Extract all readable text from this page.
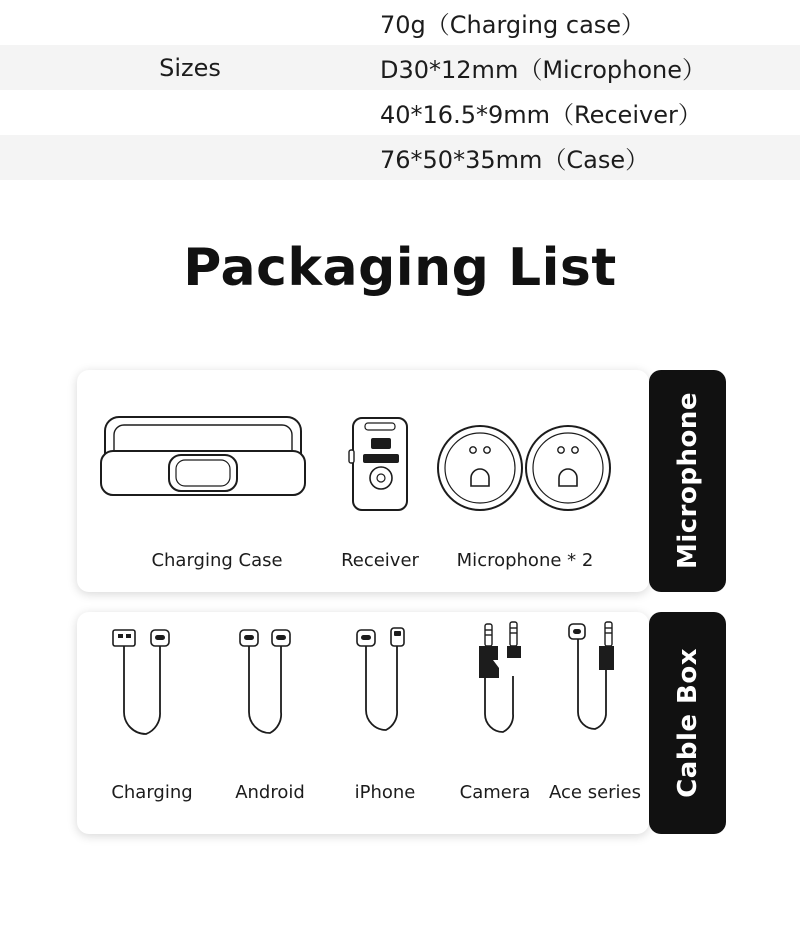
	70g（Charging case）
Sizes	D30*12mm（Microphone）
	40*16.5*9mm（Receiver）
	76*50*35mm（Case）
Packaging List
Charging Case	Receiver	Microphone * 2	Microphone
Charging	Android	iPhone	Camera	Ace series	Cable Box
